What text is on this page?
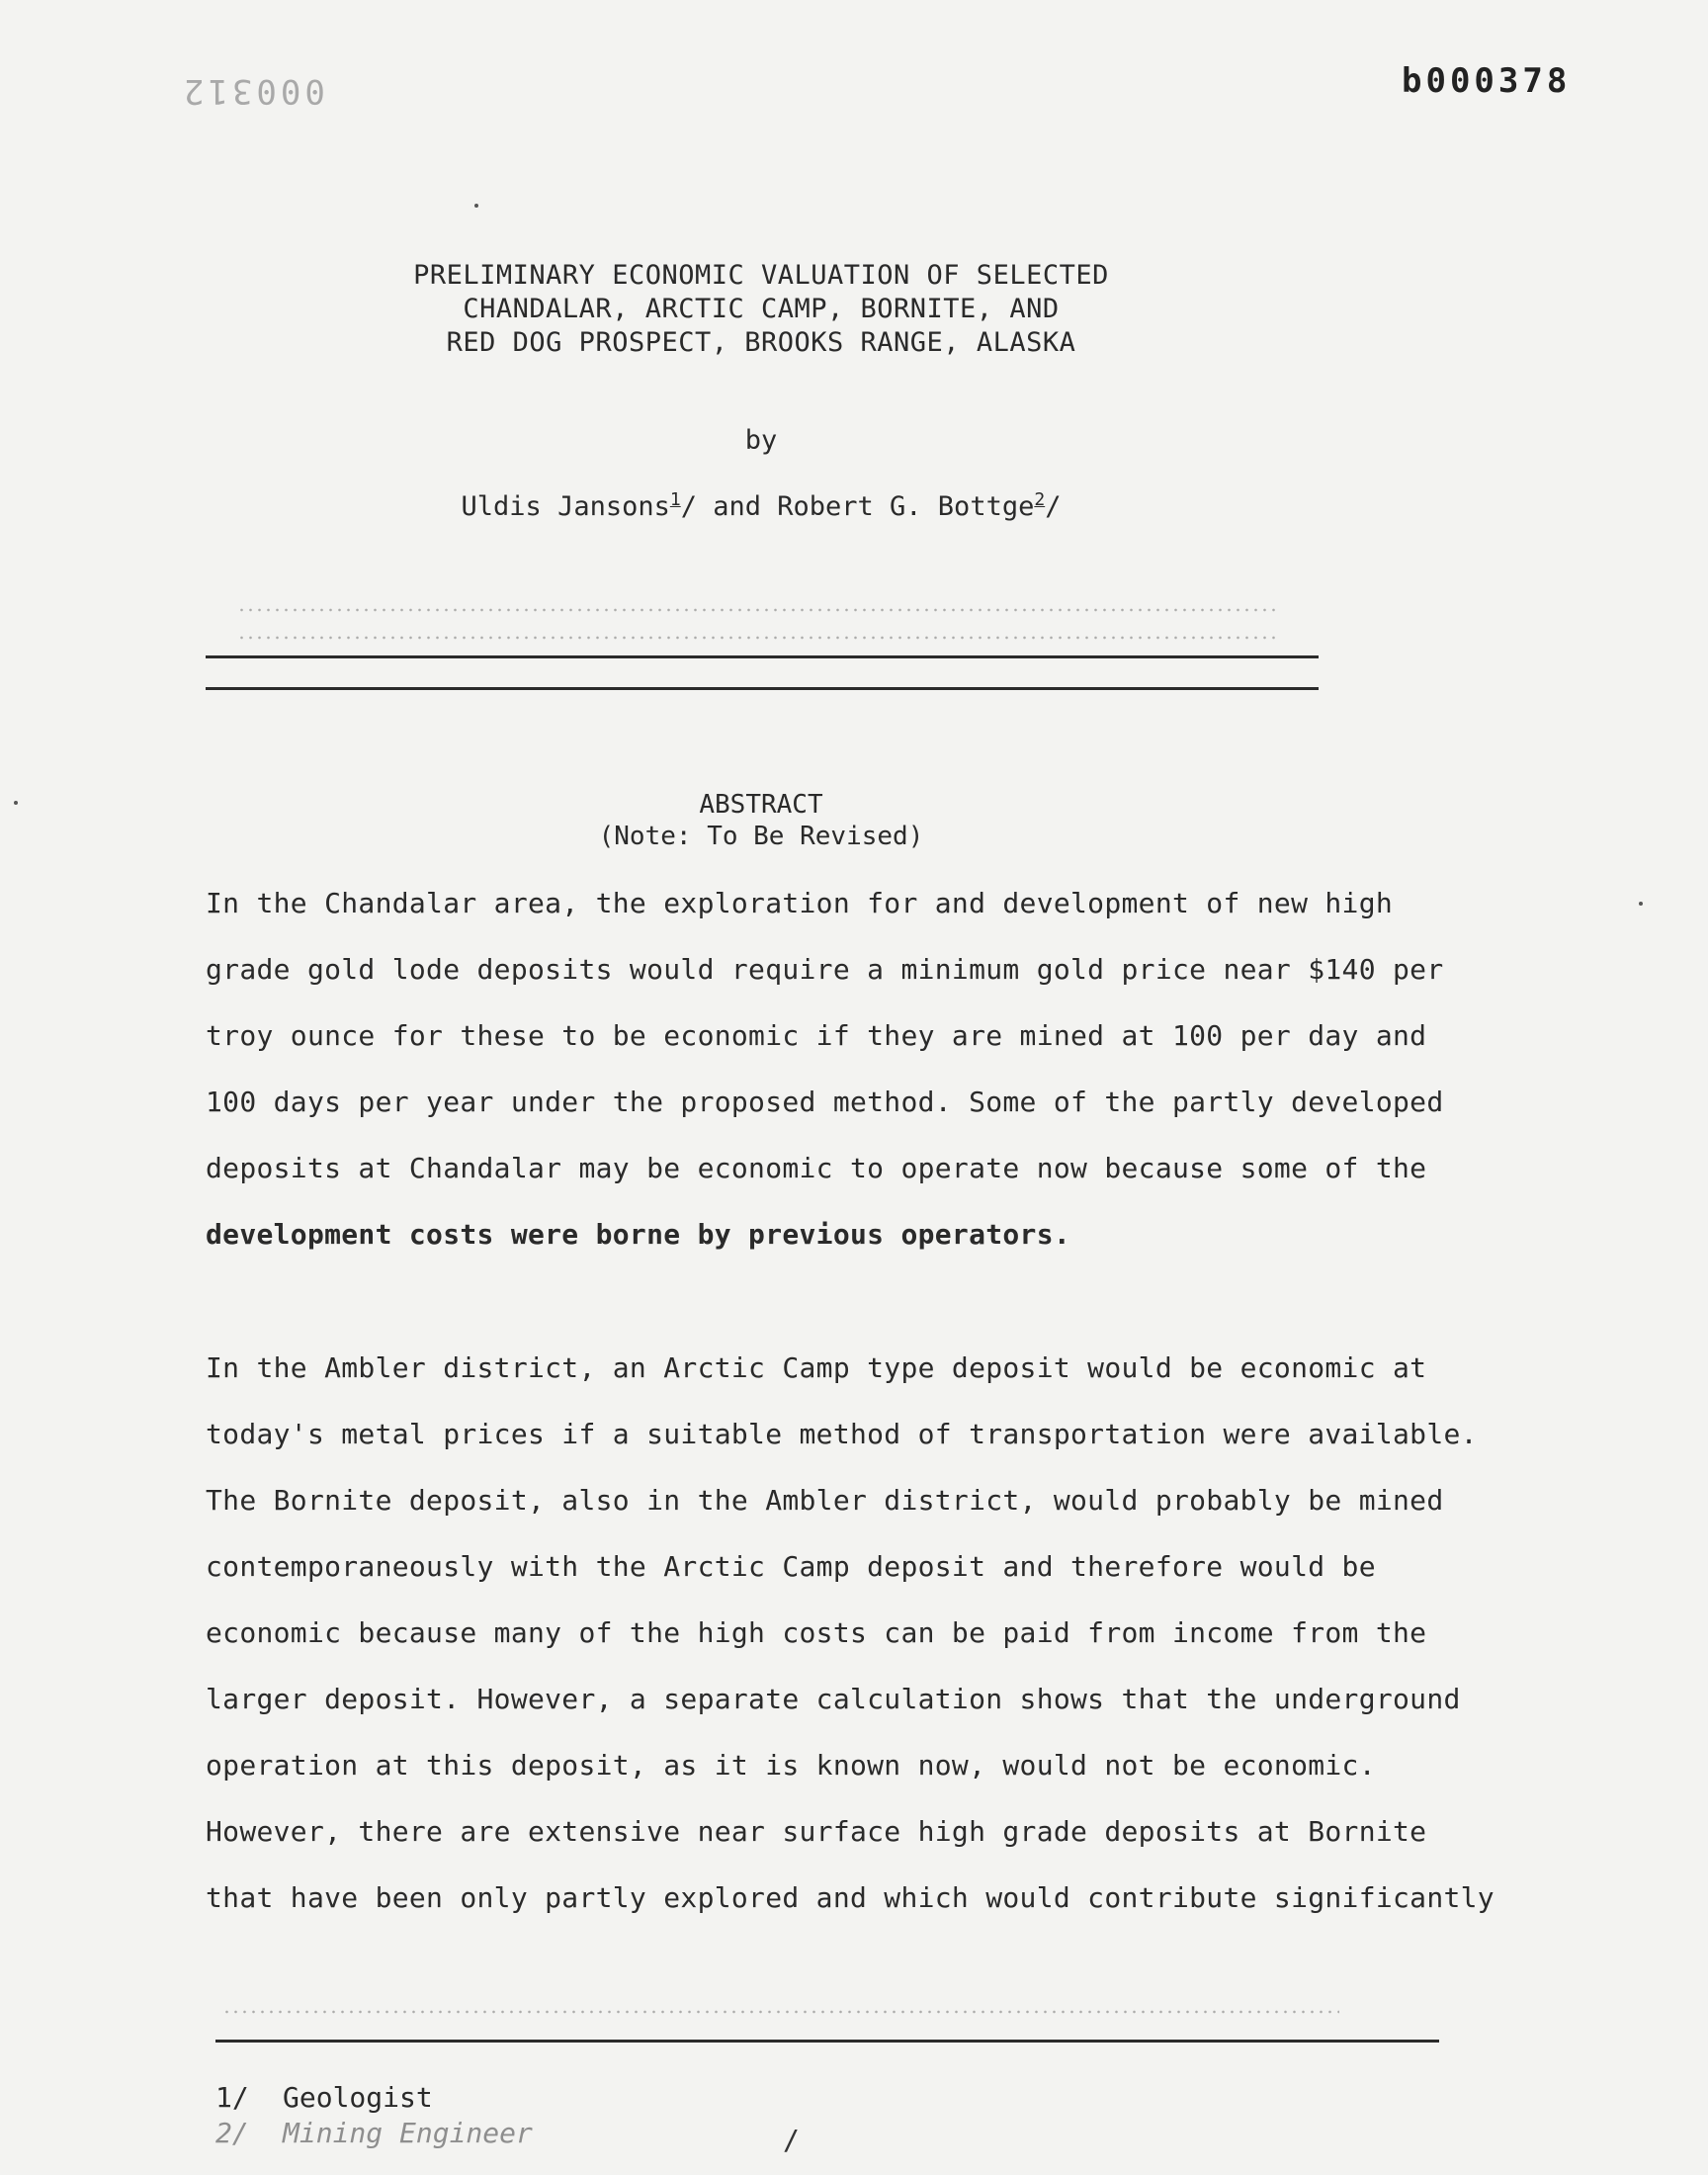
000312	b000378
PRELIMINARY ECONOMIC VALUATION OF SELECTED
CHANDALAR, ARCTIC CAMP, BORNITE, AND
RED DOG PROSPECT, BROOKS RANGE, ALASKA
by
Uldis Jansons$^1$/ and Robert G. Bottge$^2$/
ABSTRACT
(Note: To Be Revised)
In the Chandalar area, the exploration for and development of new high
grade gold lode deposits would require a minimum gold price near $140 per
troy ounce for these to be economic if they are mined at 100 per day and
100 days per year under the proposed method. Some of the partly developed
deposits at Chandalar may be economic to operate now because some of the
development costs were borne by previous operators.
In the Ambler district, an Arctic Camp type deposit would be economic at
today's metal prices if a suitable method of transportation were available.
The Bornite deposit, also in the Ambler district, would probably be mined
contemporaneously with the Arctic Camp deposit and therefore would be
economic because many of the high costs can be paid from income from the
larger deposit. However, a separate calculation shows that the underground
operation at this deposit, as it is known now, would not be economic.
However, there are extensive near surface high grade deposits at Bornite
that have been only partly explored and which would contribute significantly
1/ Geologist
2/ Mining Engineer	/
